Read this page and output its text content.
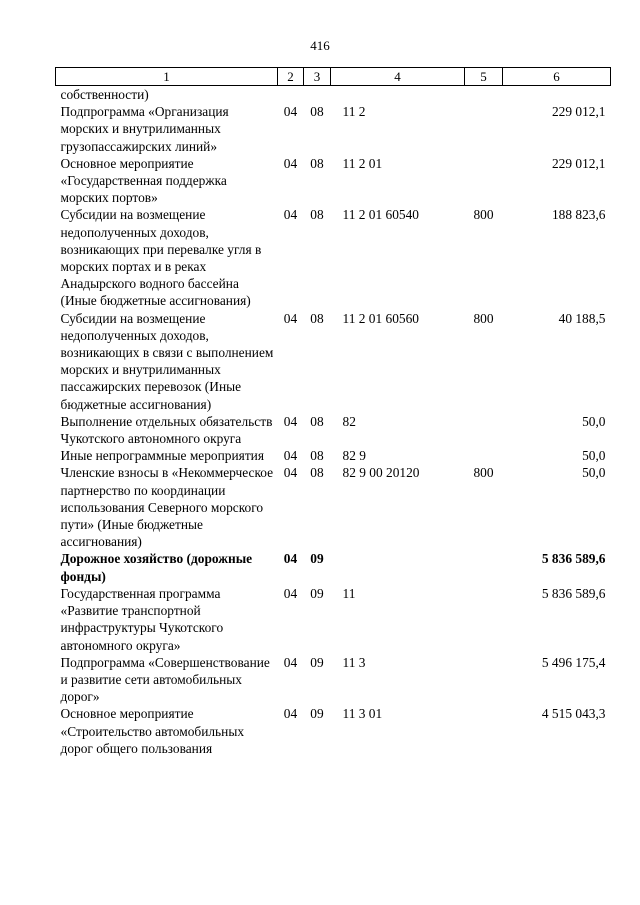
416
1	2	3	4	5	6
собственности)					
Подпрограмма «Организация морских и внутрилиманных грузопассажирских линий»	04	08	11 2		229 012,1
Основное мероприятие «Государственная поддержка морских портов»	04	08	11 2 01		229 012,1
Субсидии на возмещение недополученных доходов, возникающих при перевалке угля в морских портах и в реках Анадырского водного бассейна (Иные бюджетные ассигнования)	04	08	11 2 01 60540	800	188 823,6
Субсидии на возмещение недополученных доходов, возникающих в связи с выполнением морских и внутрилиманных пассажирских перевозок (Иные бюджетные ассигнования)	04	08	11 2 01 60560	800	40 188,5
Выполнение отдельных обязательств Чукотского автономного округа	04	08	82		50,0
Иные непрограммные мероприятия	04	08	82 9		50,0
Членские взносы в «Некоммерческое партнерство по координации использования Северного морского пути» (Иные бюджетные ассигнования)	04	08	82 9 00 20120	800	50,0
Дорожное хозяйство (дорожные фонды)	04	09			5 836 589,6
Государственная программа «Развитие транспортной инфраструктуры Чукотского автономного округа»	04	09	11		5 836 589,6
Подпрограмма «Совершенствование и развитие сети автомобильных дорог»	04	09	11 3		5 496 175,4
Основное мероприятие «Строительство автомобильных дорог общего пользования	04	09	11 3 01		4 515 043,3
